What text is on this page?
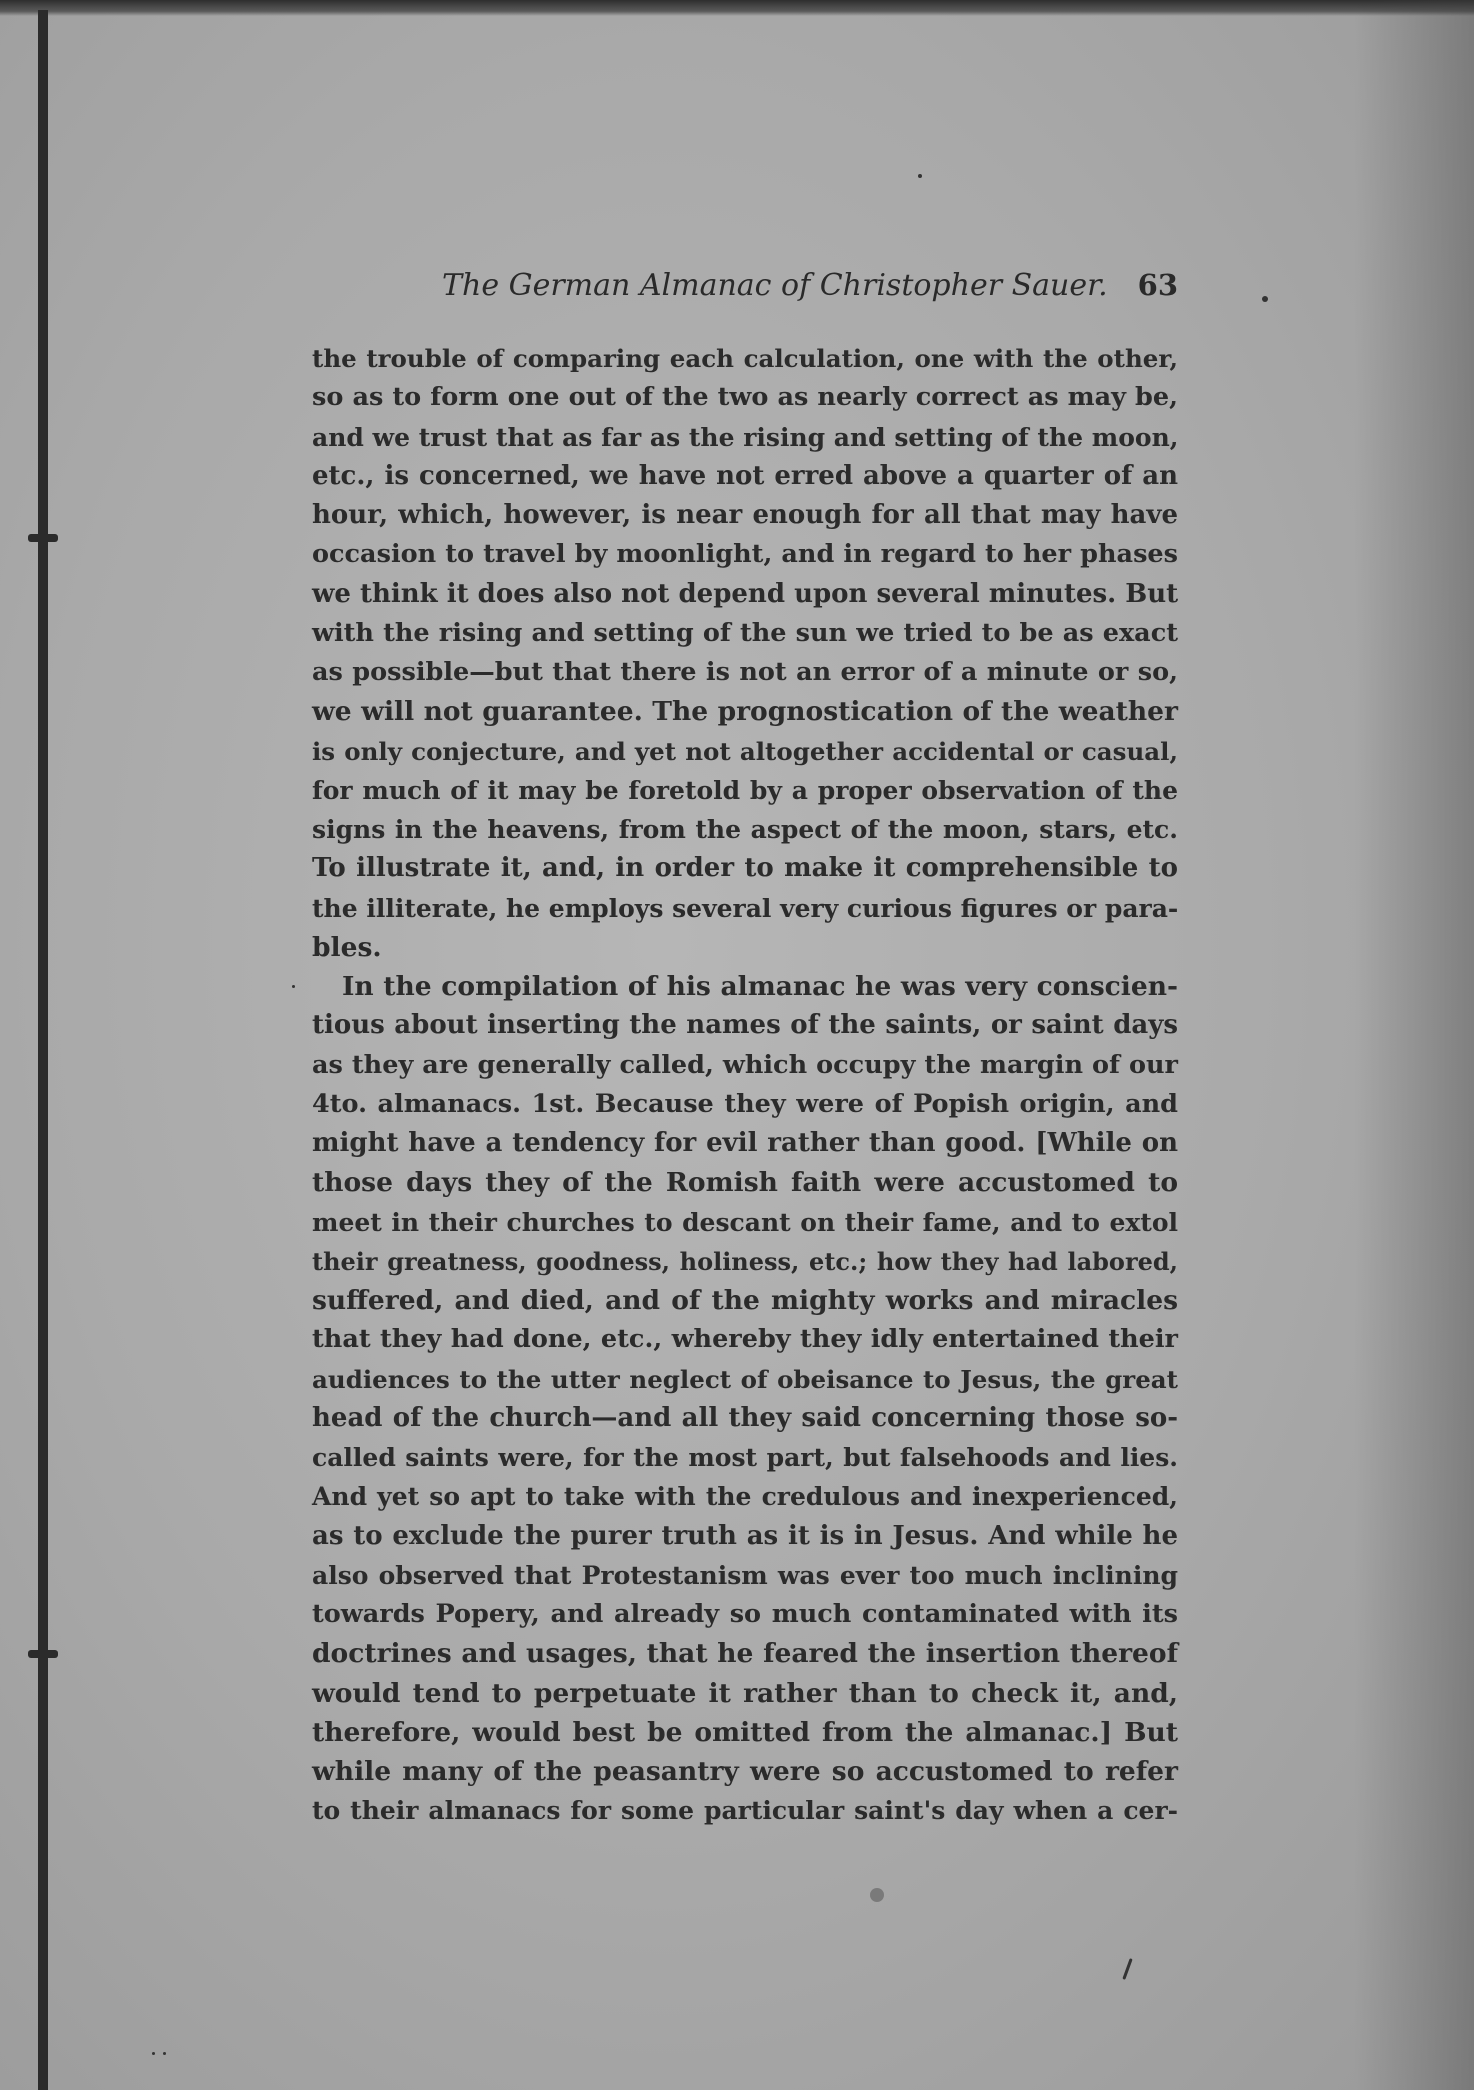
The German Almanac of Christopher Sauer. 63
the trouble of comparing each calculation, one with the other,
so as to form one out of the two as nearly correct as may be,
and we trust that as far as the rising and setting of the moon,
etc., is concerned, we have not erred above a quarter of an
hour, which, however, is near enough for all that may have
occasion to travel by moonlight, and in regard to her phases
we think it does also not depend upon several minutes. But
with the rising and setting of the sun we tried to be as exact
as possible—but that there is not an error of a minute or so,
we will not guarantee. The prognostication of the weather
is only conjecture, and yet not altogether accidental or casual,
for much of it may be foretold by a proper observation of the
signs in the heavens, from the aspect of the moon, stars, etc.
To illustrate it, and, in order to make it comprehensible to
the illiterate, he employs several very curious figures or para-
bles.
In the compilation of his almanac he was very conscien-
tious about inserting the names of the saints, or saint days
as they are generally called, which occupy the margin of our
4to. almanacs. 1st. Because they were of Popish origin, and
might have a tendency for evil rather than good. [While on
those days they of the Romish faith were accustomed to
meet in their churches to descant on their fame, and to extol
their greatness, goodness, holiness, etc.; how they had labored,
suffered, and died, and of the mighty works and miracles
that they had done, etc., whereby they idly entertained their
audiences to the utter neglect of obeisance to Jesus, the great
head of the church—and all they said concerning those so-
called saints were, for the most part, but falsehoods and lies.
And yet so apt to take with the credulous and inexperienced,
as to exclude the purer truth as it is in Jesus. And while he
also observed that Protestanism was ever too much inclining
towards Popery, and already so much contaminated with its
doctrines and usages, that he feared the insertion thereof
would tend to perpetuate it rather than to check it, and,
therefore, would best be omitted from the almanac.] But
while many of the peasantry were so accustomed to refer
to their almanacs for some particular saint's day when a cer-
